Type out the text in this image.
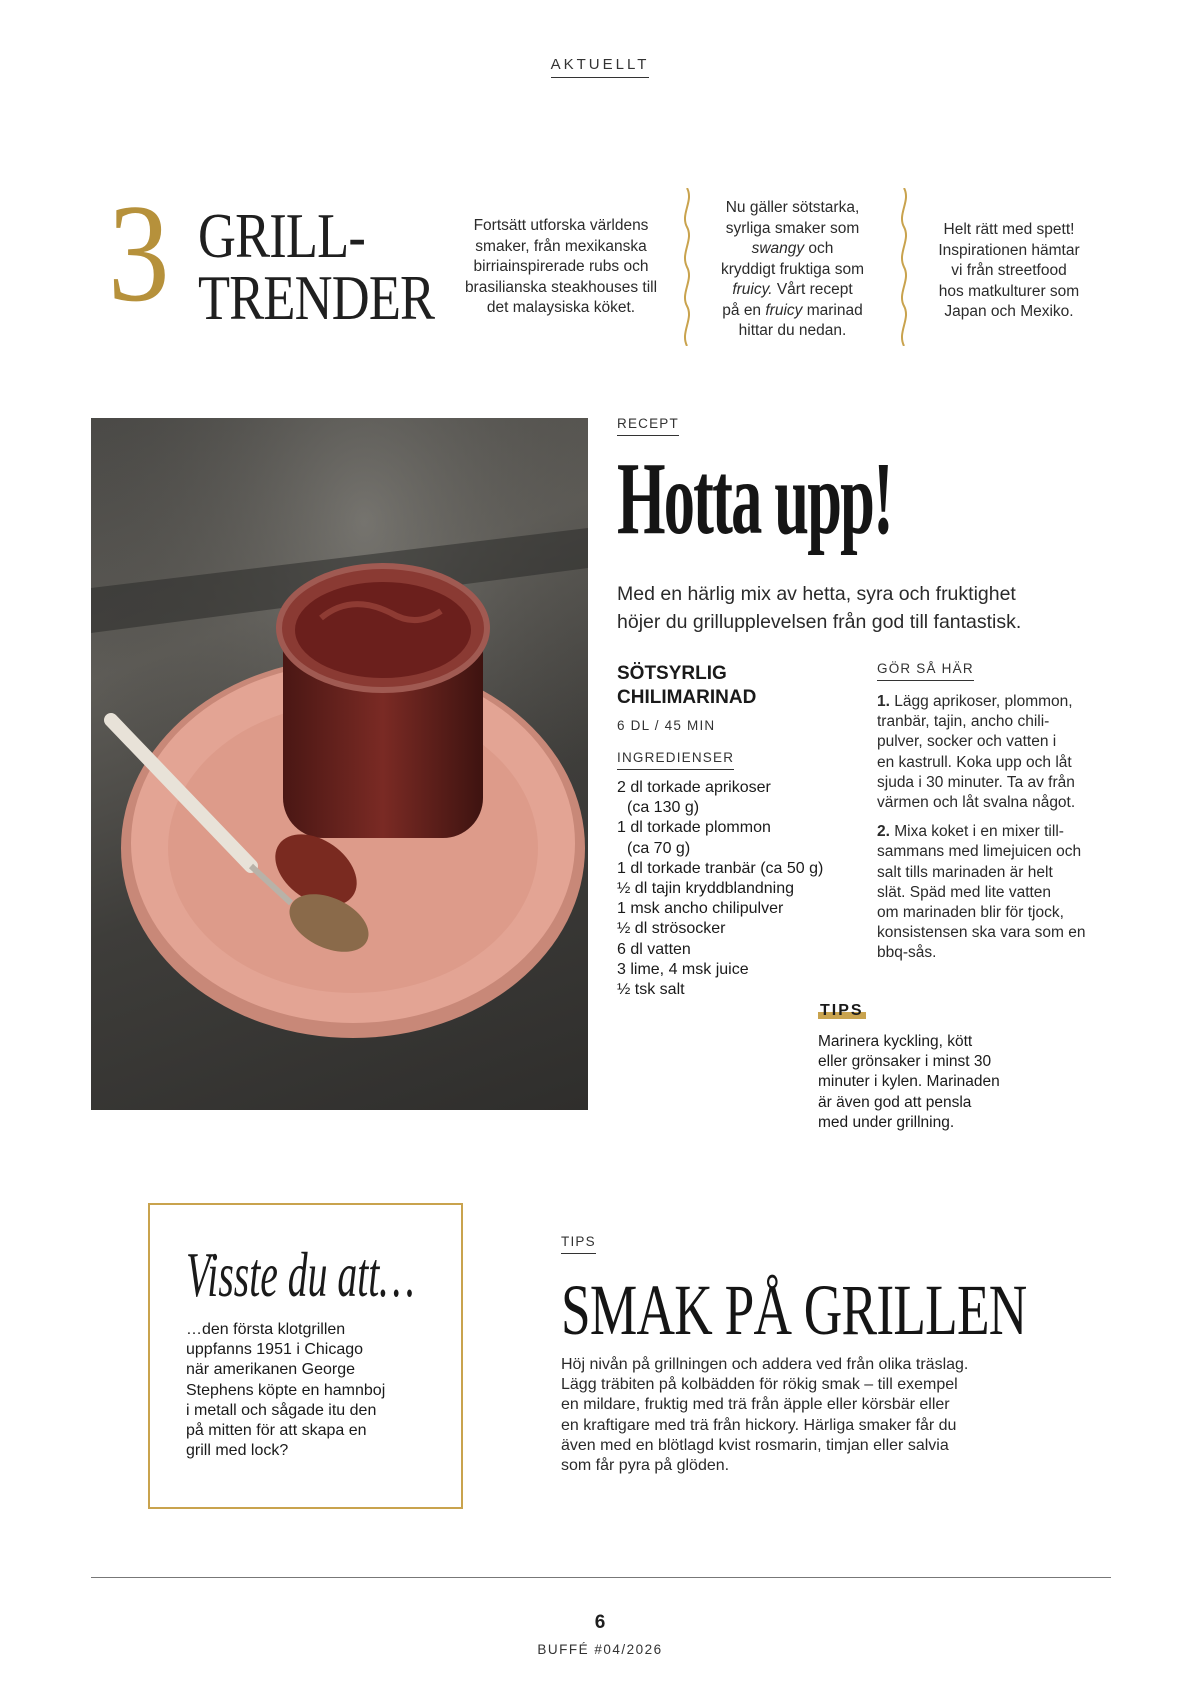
AKTUELLT
3 GRILL-
TRENDER
Fortsätt utforska världens
smaker, från mexikanska
birriainspirerade rubs och
brasilianska steakhouses till
det malaysiska köket.
Nu gäller sötstarka,
syrliga smaker som
swangy och
kryddigt fruktiga som
fruicy. Vårt recept
på en fruicy marinad
hittar du nedan.
Helt rätt med spett!
Inspirationen hämtar
vi från streetfood
hos matkulturer som
Japan och Mexiko.
RECEPT
Hotta upp!
Med en härlig mix av hetta, syra och fruktighet
höjer du grillupplevelsen från god till fantastisk.
SÖTSYRLIG
CHILIMARINAD
6 DL / 45 MIN
INGREDIENSER
2 dl torkade aprikoser
(ca 130 g)
1 dl torkade plommon
(ca 70 g)
1 dl torkade tranbär (ca 50 g)
½ dl tajin kryddblandning
1 msk ancho chilipulver
½ dl strösocker
6 dl vatten
3 lime, 4 msk juice
½ tsk salt
GÖR SÅ HÄR

1. Lägg aprikoser, plommon,
tranbär, tajin, ancho chili-
pulver, socker och vatten i
en kastrull. Koka upp och låt
sjuda i 30 minuter. Ta av från
värmen och låt svalna något.

2. Mixa koket i en mixer till-
sammans med limejuicen och
salt tills marinaden är helt
slät. Späd med lite vatten
om marinaden blir för tjock,
konsistensen ska vara som en
bbq-sås.

TIPS
Marinera kyckling, kött
eller grönsaker i minst 30
minuter i kylen. Marinaden
är även god att pensla
med under grillning.
Visste du att…
…den första klotgrillen
uppfanns 1951 i Chicago
när amerikanen George
Stephens köpte en hamnboj
i metall och sågade itu den
på mitten för att skapa en
grill med lock?
TIPS
SMAK PÅ GRILLEN
Höj nivån på grillningen och addera ved från olika träslag.
Lägg träbiten på kolbädden för rökig smak – till exempel
en mildare, fruktig med trä från äpple eller körsbär eller
en kraftigare med trä från hickory. Härliga smaker får du
även med en blötlagd kvist rosmarin, timjan eller salvia
som får pyra på glöden.
6
BUFFÉ #04/2026
